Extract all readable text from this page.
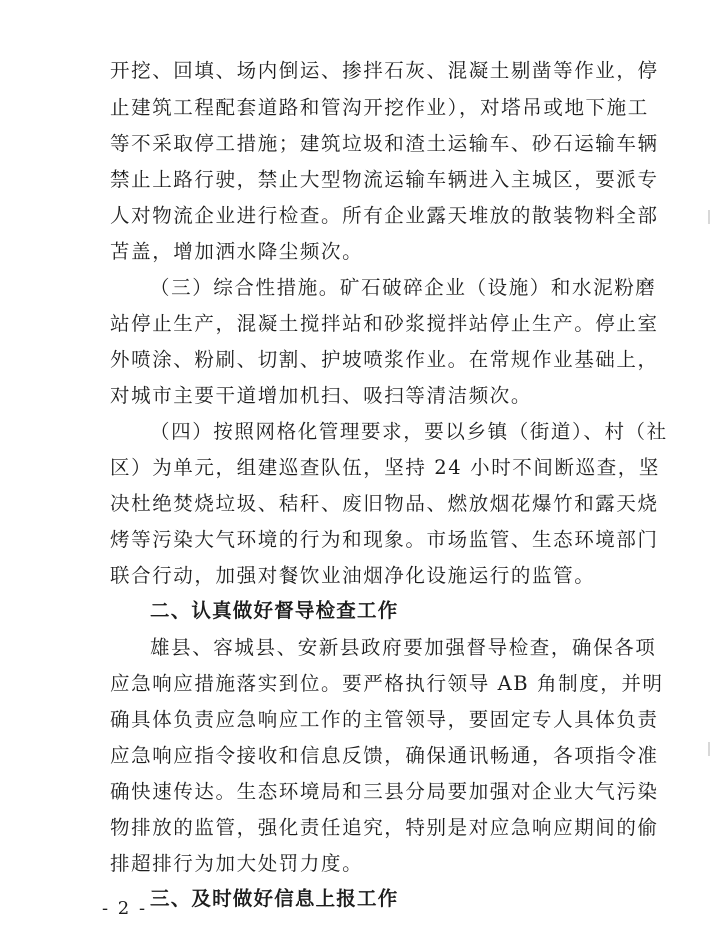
开挖、回填、场内倒运、掺拌石灰、混凝土剔凿等作业，停
止建筑工程配套道路和管沟开挖作业），对塔吊或地下施工
等不采取停工措施；建筑垃圾和渣土运输车、砂石运输车辆
禁止上路行驶，禁止大型物流运输车辆进入主城区，要派专
人对物流企业进行检查。所有企业露天堆放的散装物料全部
苫盖，增加洒水降尘频次。
（三）综合性措施。矿石破碎企业（设施）和水泥粉磨
站停止生产，混凝土搅拌站和砂浆搅拌站停止生产。停止室
外喷涂、粉刷、切割、护坡喷浆作业。在常规作业基础上，
对城市主要干道增加机扫、吸扫等清洁频次。
（四）按照网格化管理要求，要以乡镇（街道）、村（社
区）为单元，组建巡查队伍，坚持 24 小时不间断巡查，坚
决杜绝焚烧垃圾、秸秆、废旧物品、燃放烟花爆竹和露天烧
烤等污染大气环境的行为和现象。市场监管、生态环境部门
联合行动，加强对餐饮业油烟净化设施运行的监管。
二、认真做好督导检查工作
雄县、容城县、安新县政府要加强督导检查，确保各项
应急响应措施落实到位。要严格执行领导 AB 角制度，并明
确具体负责应急响应工作的主管领导，要固定专人具体负责
应急响应指令接收和信息反馈，确保通讯畅通，各项指令准
确快速传达。生态环境局和三县分局要加强对企业大气污染
物排放的监管，强化责任追究，特别是对应急响应期间的偷
排超排行为加大处罚力度。
三、及时做好信息上报工作
- 2 -
